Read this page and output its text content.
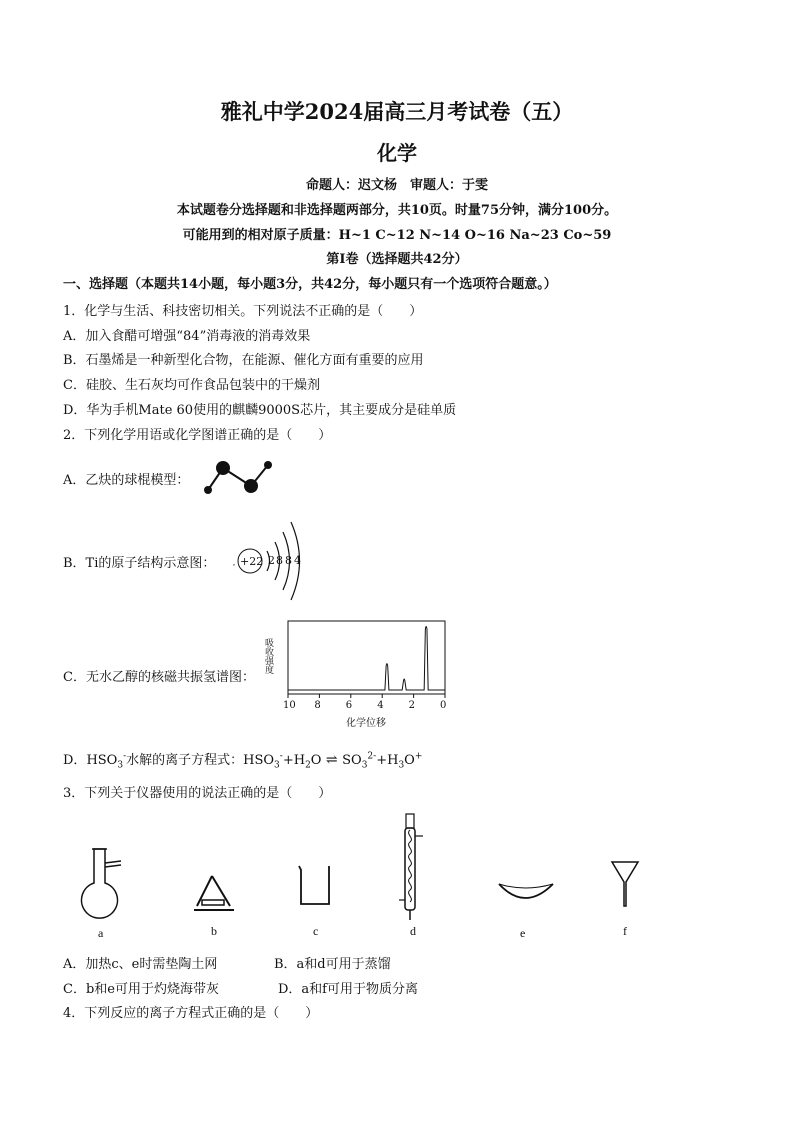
雅礼中学2024届高三月考试卷（五）
化学
命题人：迟文杨　审题人：于雯
本试题卷分选择题和非选择题两部分，共10页。时量75分钟，满分100分。
可能用到的相对原子质量：H~1 C~12 N~14 O~16 Na~23 Co~59
第Ⅰ卷（选择题共42分）
一、选择题（本题共14小题，每小题3分，共42分，每小题只有一个选项符合题意。）
1．化学与生活、科技密切相关。下列说法不正确的是（　　）
A．加入食醋可增强“84”消毒液的消毒效果
B．石墨烯是一种新型化合物，在能源、催化方面有重要的应用
C．硅胶、生石灰均可作食品包装中的干燥剂
D．华为手机Mate 60使用的麒麟9000S芯片，其主要成分是硅单质
2．下列化学用语或化学图谱正确的是（　　）
A．乙炔的球棍模型：
B．Ti的原子结构示意图： , +22 2 8 8 4
C．无水乙醇的核磁共振氢谱图：
吸收强度
化学位移
D．$HSO_3^-$水解的离子方程式：$HSO_3^-+H_2O$ ⇌ $SO_3^{2-}+H_3O^+$
3．下列关于仪器使用的说法正确的是（　　）
a	b	c	d	e	f
A．加热c、e时需垫陶土网	B．a和d可用于蒸馏
C．b和e可用于灼烧海带灰	D．a和f可用于物质分离
4．下列反应的离子方程式正确的是（　　）
10 8	6	4	2	0
